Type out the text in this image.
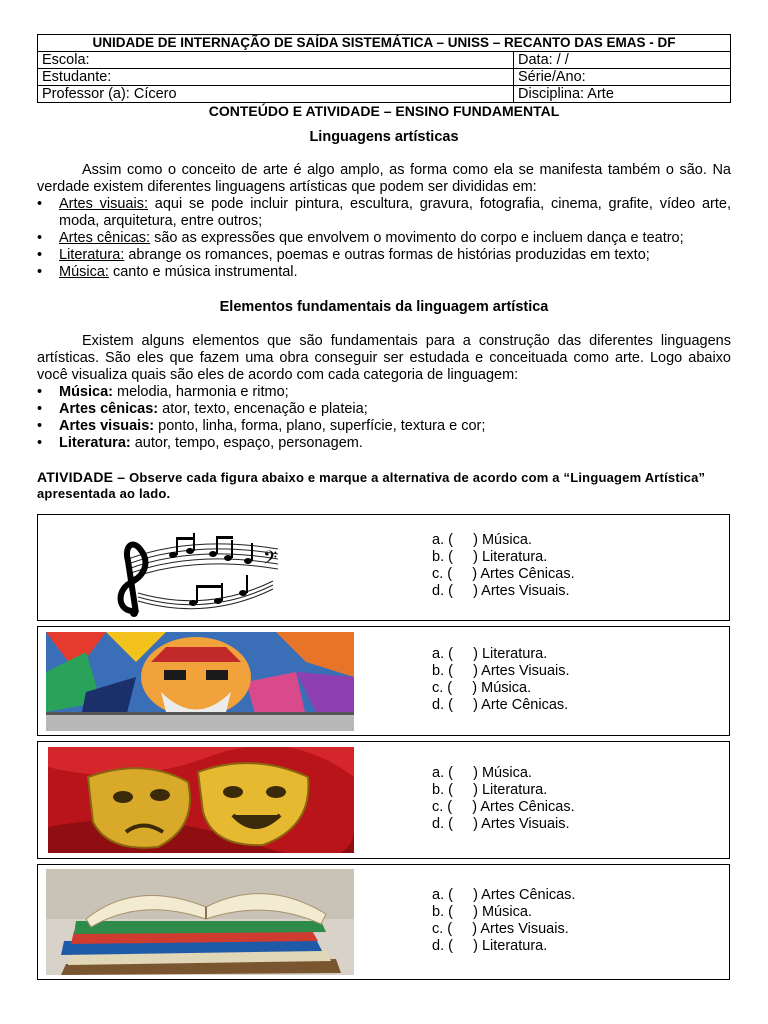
UNIDADE DE INTERNAÇÃO DE SAÍDA SISTEMÁTICA – UNISS – RECANTO DAS EMAS - DF	
Escola:	Data: / /
Estudante:	Série/Ano:
Professor (a): Cícero	Disciplina: Arte

CONTEÚDO E ATIVIDADE – ENSINO FUNDAMENTAL

Linguagens artísticas

Assim como o conceito de arte é algo amplo, as forma como ela se manifesta também o são. Na verdade existem diferentes linguagens artísticas que podem ser divididas em:

• Artes visuais: aqui se pode incluir pintura, escultura, gravura, fotografia, cinema, grafite, vídeo arte, moda, arquitetura, entre outros;
• Artes cênicas: são as expressões que envolvem o movimento do corpo e incluem dança e teatro;
• Literatura: abrange os romances, poemas e outras formas de histórias produzidas em texto;
• Música: canto e música instrumental.

Elementos fundamentais da linguagem artística

Existem alguns elementos que são fundamentais para a construção das diferentes linguagens artísticas. São eles que fazem uma obra conseguir ser estudada e conceituada como arte. Logo abaixo você visualiza quais são eles de acordo com cada categoria de linguagem:

• Música: melodia, harmonia e ritmo;
• Artes cênicas: ator, texto, encenação e plateia;
• Artes visuais: ponto, linha, forma, plano, superfície, textura e cor;
• Literatura: autor, tempo, espaço, personagem.

ATIVIDADE – Observe cada figura abaixo e marque a alternativa de acordo com a “Linguagem Artística” apresentada ao lado.

𝄢
a. (     ) Música.
b. (     ) Literatura.
c. (     ) Artes Cênicas.
d. (     ) Artes Visuais.
a. (     ) Literatura.
b. (     ) Artes Visuais.
c. (     ) Música.
d. (     ) Arte Cênicas.
a. (     ) Música.
b. (     ) Literatura.
c. (     ) Artes Cênicas.
d. (     ) Artes Visuais.
a. (     ) Artes Cênicas.
b. (     ) Música.
c. (     ) Artes Visuais.
d. (     ) Literatura.
